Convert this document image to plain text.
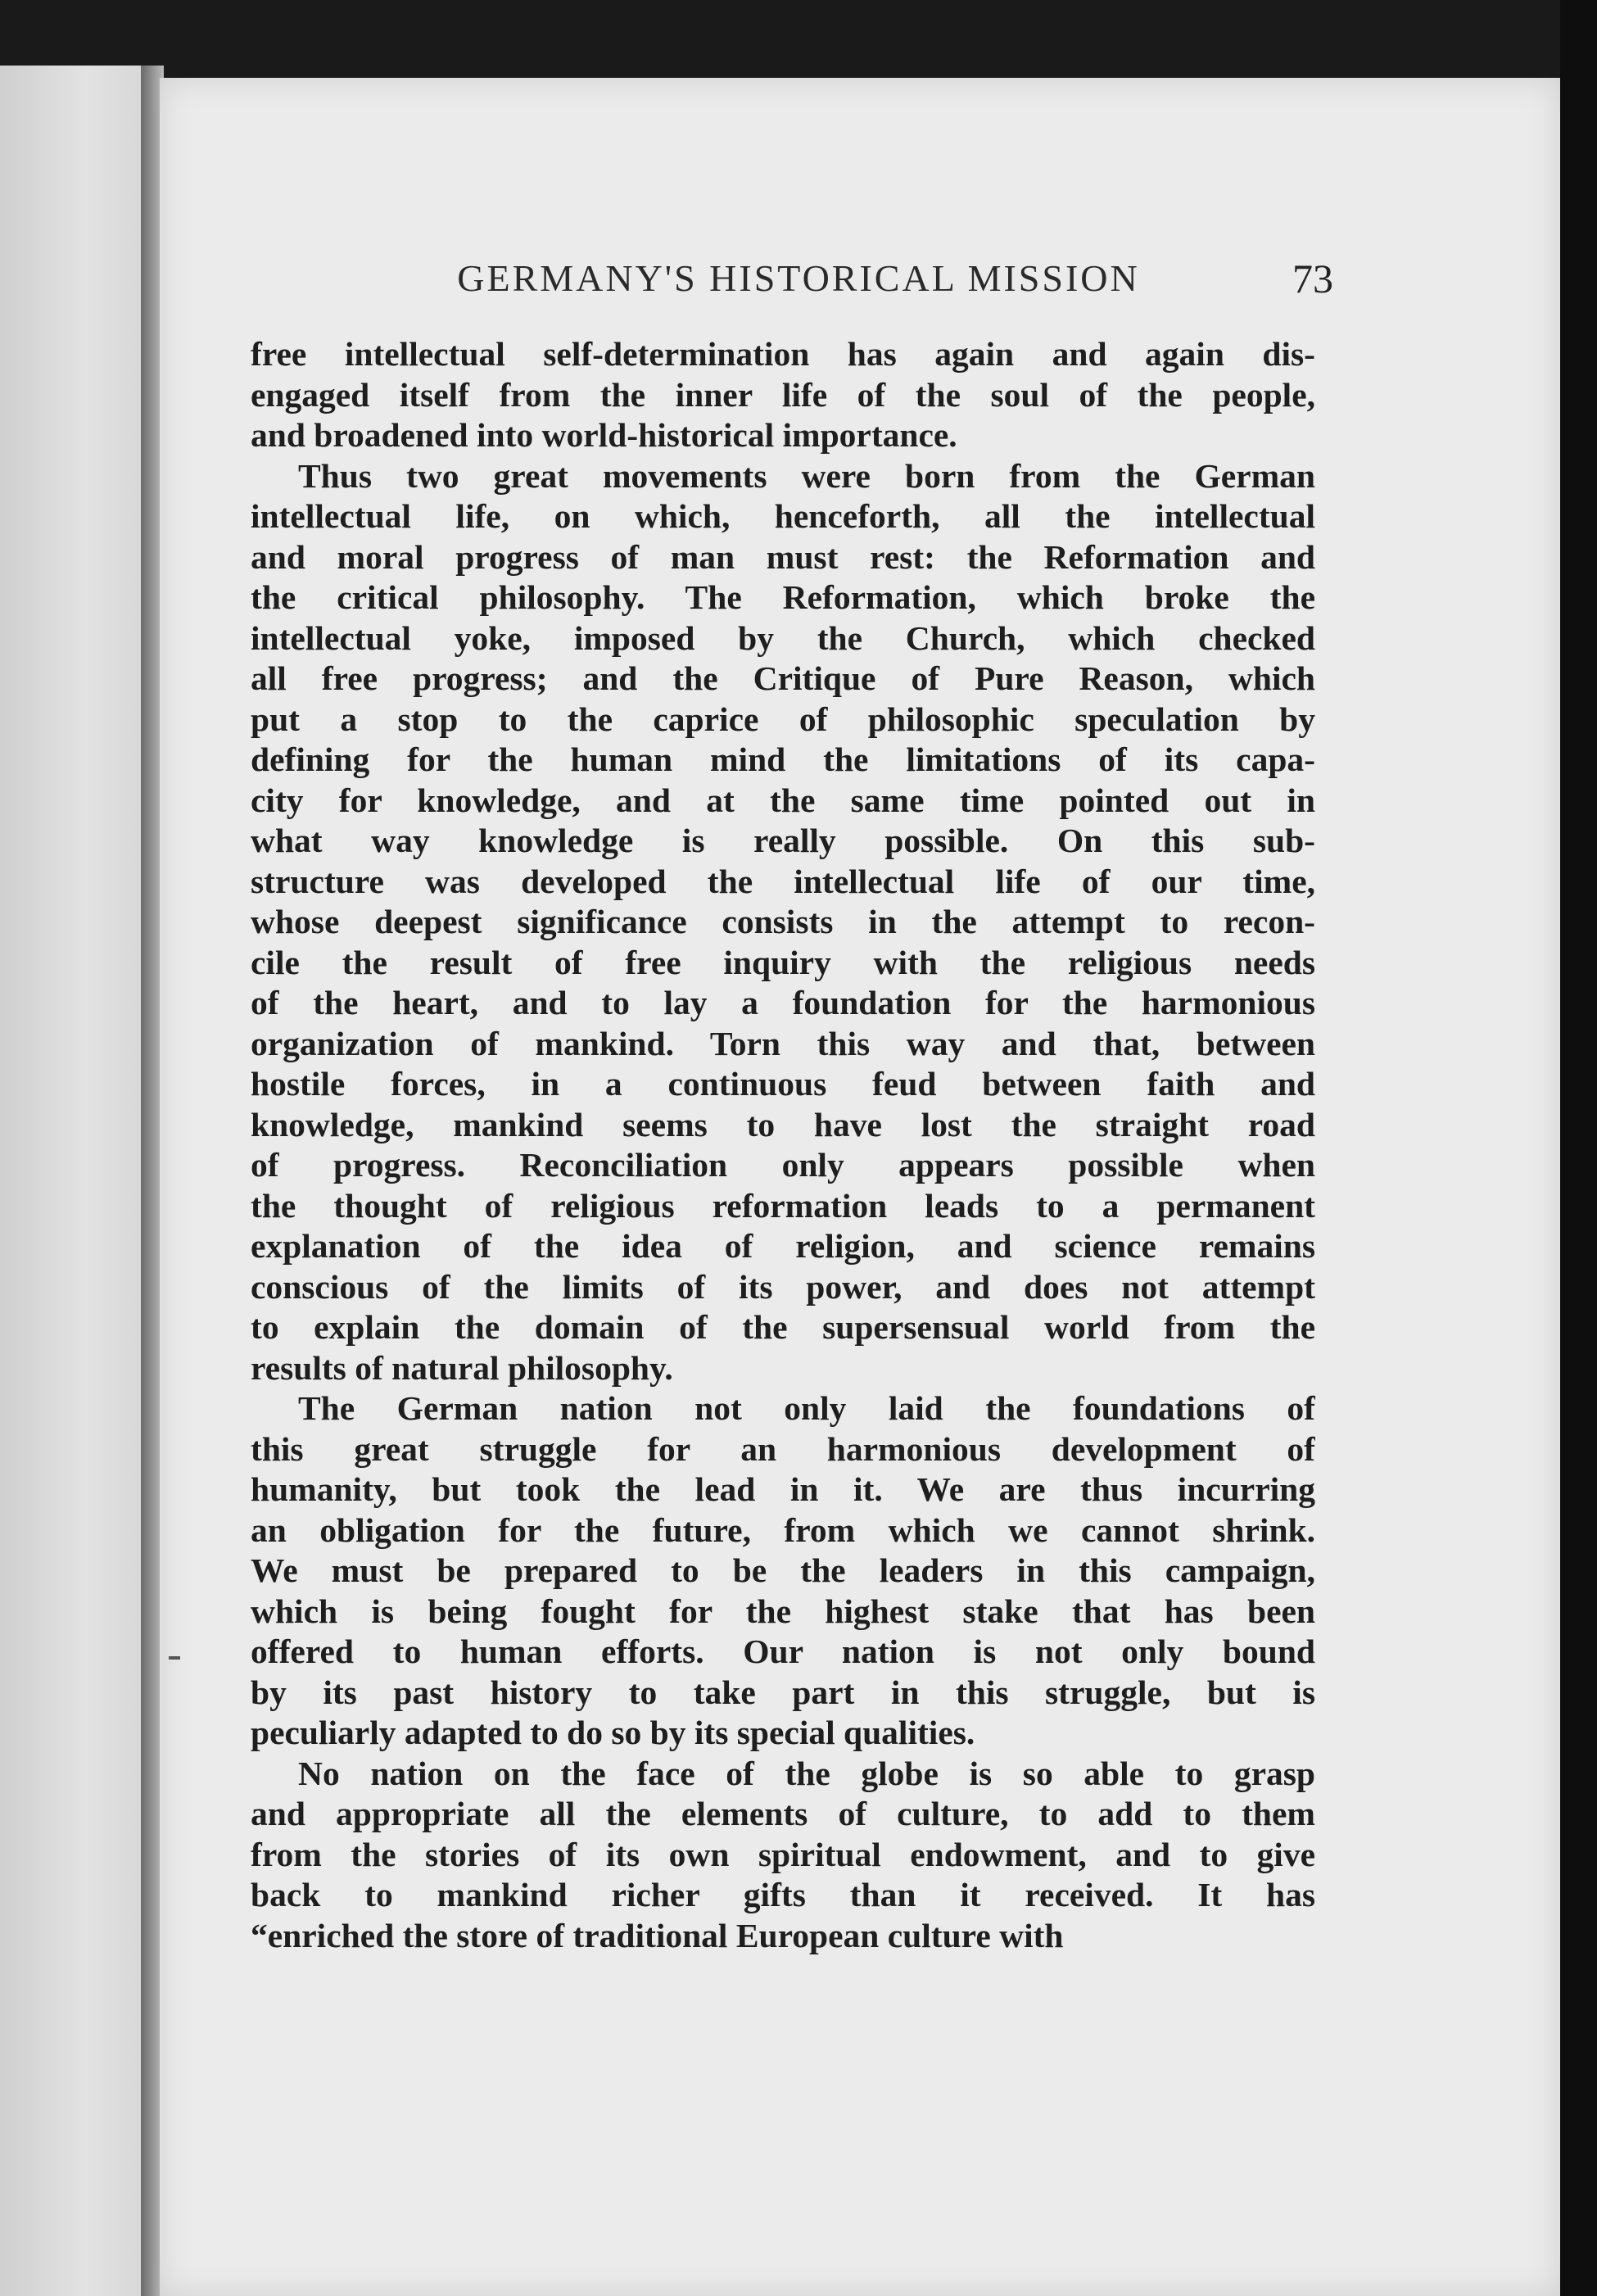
GERMANY'S HISTORICAL MISSION	73
free intellectual self-determination has again and again dis-
engaged itself from the inner life of the soul of the people,
and broadened into world-historical importance.
Thus two great movements were born from the German
intellectual life, on which, henceforth, all the intellectual
and moral progress of man must rest: the Reformation and
the critical philosophy. The Reformation, which broke the
intellectual yoke, imposed by the Church, which checked
all free progress; and the Critique of Pure Reason, which
put a stop to the caprice of philosophic speculation by
defining for the human mind the limitations of its capa-
city for knowledge, and at the same time pointed out in
what way knowledge is really possible. On this sub-
structure was developed the intellectual life of our time,
whose deepest significance consists in the attempt to recon-
cile the result of free inquiry with the religious needs
of the heart, and to lay a foundation for the harmonious
organization of mankind. Torn this way and that, between
hostile forces, in a continuous feud between faith and
knowledge, mankind seems to have lost the straight road
of progress. Reconciliation only appears possible when
the thought of religious reformation leads to a permanent
explanation of the idea of religion, and science remains
conscious of the limits of its power, and does not attempt
to explain the domain of the supersensual world from the
results of natural philosophy.
The German nation not only laid the foundations of
this great struggle for an harmonious development of
humanity, but took the lead in it. We are thus incurring
an obligation for the future, from which we cannot shrink.
We must be prepared to be the leaders in this campaign,
which is being fought for the highest stake that has been
offered to human efforts. Our nation is not only bound
by its past history to take part in this struggle, but is
peculiarly adapted to do so by its special qualities.
No nation on the face of the globe is so able to grasp
and appropriate all the elements of culture, to add to them
from the stories of its own spiritual endowment, and to give
back to mankind richer gifts than it received. It has
“enriched the store of traditional European culture with
